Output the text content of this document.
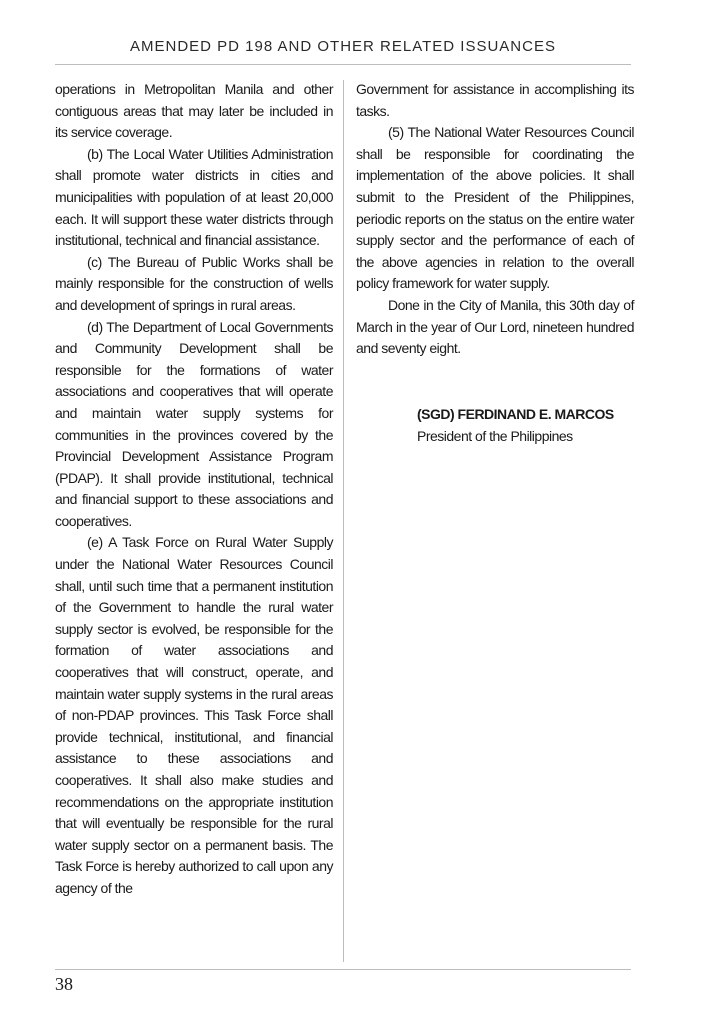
AMENDED PD 198 AND OTHER RELATED ISSUANCES

operations in Metropolitan Manila and other contiguous areas that may later be included in its service coverage.

(b) The Local Water Utilities Administration shall promote water districts in cities and municipalities with population of at least 20,000 each. It will support these water districts through institutional, technical and financial assistance.

(c) The Bureau of Public Works shall be mainly responsible for the construction of wells and development of springs in rural areas.

(d) The Department of Local Governments and Community Development shall be responsible for the formations of water associations and cooperatives that will operate and maintain water supply systems for communities in the provinces covered by the Provincial Development Assistance Program (PDAP). It shall provide institutional, technical and financial support to these associations and cooperatives.

(e) A Task Force on Rural Water Supply under the National Water Resources Council shall, until such time that a permanent institution of the Government to handle the rural water supply sector is evolved, be responsible for the formation of water associations and cooperatives that will construct, operate, and maintain water supply systems in the rural areas of non-PDAP provinces. This Task Force shall provide technical, institutional, and financial assistance to these associations and cooperatives. It shall also make studies and recommendations on the appropriate institution that will eventually be responsible for the rural water supply sector on a permanent basis. The Task Force is hereby authorized to call upon any agency of the

Government for assistance in accomplishing its tasks.

(5) The National Water Resources Council shall be responsible for coordinating the implementation of the above policies. It shall submit to the President of the Philippines, periodic reports on the status on the entire water supply sector and the performance of each of the above agencies in relation to the overall policy framework for water supply.

Done in the City of Manila, this 30th day of March in the year of Our Lord, nineteen hundred and seventy eight.

(SGD) FERDINAND E. MARCOS
President of the Philippines
38
